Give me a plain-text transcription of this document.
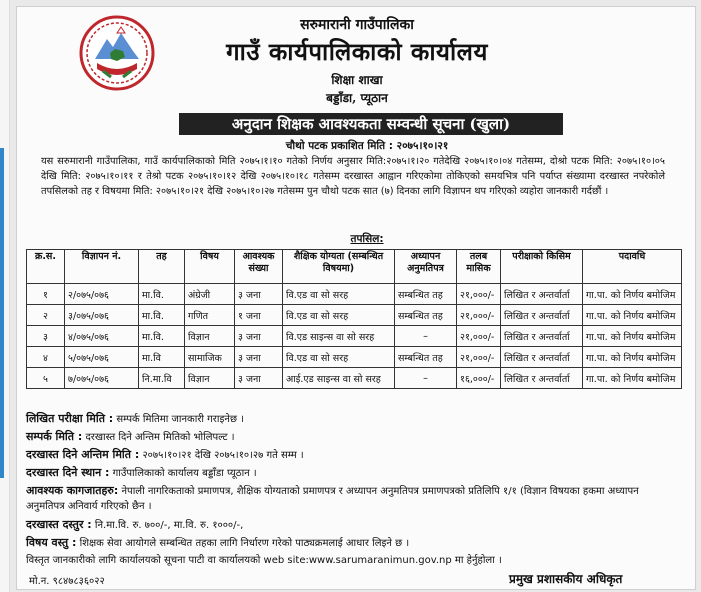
सरुमारानी गाउँपालिका
गाउँ कार्यपालिकाको कार्यालय
शिक्षा शाखा
बड्डाँडा, प्यूठान
अनुदान शिक्षक आवश्यकता सम्वन्धी सूचना (खुला)
चौथो पटक प्रकाशित मिति : २०७५।१०।२१
यस सरुमारानी गाउँपालिका, गाउँ कार्यपालिकाको मिति २०७५।१।१० गतेको निर्णय अनुसार मिति:२०७५।१।२० गतेदेखि २०७५।१०।०४ गतेसम्म, दोश्रो पटक मिति: २०७५।१०।०५ देखि मिति: २०७५।१०।११ र तेश्रो पटक २०७५।१०।१२ देखि २०७५।१०।१८ गतेसम्म दरखास्त आह्वान गरिएकोमा तोकिएको समयभित्र पनि पर्याप्त संख्यामा दरखास्त नपरेकोले तपसिलको तह र विषयमा मिति: २०७५।१०।२१ देखि २०७५।१०।२७ गतेसम्म पुन चौथो पटक सात (७) दिनका लागि विज्ञापन थप गरिएको व्यहोरा जानकारी गर्दछौं ।
तपसिल:
क्र.स.	विज्ञापन नं.	तह	विषय	आवश्यक संख्या	शैक्षिक योग्यता (सम्बन्धित विषयमा)	अध्यापन अनुमतिपत्र	तलब मासिक	परीक्षाको किसिम	पदावधि
१	२/०७५/०७६	मा.वि.	अंग्रेजी	३ जना	वि.एड वा सो सरह	सम्बन्धित तह	२१,०००/-	लिखित र अन्तर्वार्ता	गा.पा. को निर्णय बमोजिम
२	३/०७५/०७६	मा.वि.	गणित	१ जना	वि.एड वा सो सरह	सम्बन्धित तह	२१,०००/-	लिखित र अन्तर्वार्ता	गा.पा. को निर्णय बमोजिम
३	४/०७५/०७६	मा.वि.	विज्ञान	३ जना	वि.एड साइन्स वा सो सरह	–	२१,०००/-	लिखित र अन्तर्वार्ता	गा.पा. को निर्णय बमोजिम
४	५/०७५/०७६	मा.वि	सामाजिक	३ जना	वि.एड वा सो सरह	सम्बन्धित तह	२१,०००/-	लिखित र अन्तर्वार्ता	गा.पा. को निर्णय बमोजिम
५	७/०७५/०७६	नि.मा.वि	विज्ञान	३ जना	आई.एड साइन्स वा सो सरह	–	१६,०००/-	लिखित र अन्तर्वार्ता	गा.पा. को निर्णय बमोजिम
लिखित परीक्षा मिति : सम्पर्क मितिमा जानकारी गराइनेछ ।
सम्पर्क मिति : दरखास्त दिने अन्तिम मितिको भोलिपल्ट ।
दरखास्त दिने अन्तिम मिति : २०७५।१०।२१ देखि २०७५।१०।२७ गते सम्म ।
दरखास्त दिने स्थान : गाउँपालिकाको कार्यालय बड्डाँडा प्यूठान ।
आवश्यक कागजातहरु: नेपाली नागरिकताको प्रमाणपत्र, शैक्षिक योग्यताको प्रमाणपत्र र अध्यापन अनुमतिपत्र प्रमाणपत्रको प्रतिलिपि १/१ (विज्ञान विषयका हकमा अध्यापन अनुमतिपत्र अनिवार्य गरिएको छैन ।
दरखास्त दस्तुर : नि.मा.वि. रु. ७००/-, मा.वि. रु. १०००/-,
विषय वस्तु : शिक्षक सेवा आयोगले सम्बन्धित तहका लागि निर्धारण गरेको पाठ्यक्रमलाई आधार लिइने छ ।
विस्तृत जानकारीको लागि कार्यालयको सूचना पाटी वा कार्यालयको web site:www.sarumaranimun.gov.np मा हेर्नुहोला ।
मो.न. ९८४७८३६०२२	प्रमुख प्रशासकीय अधिकृत
